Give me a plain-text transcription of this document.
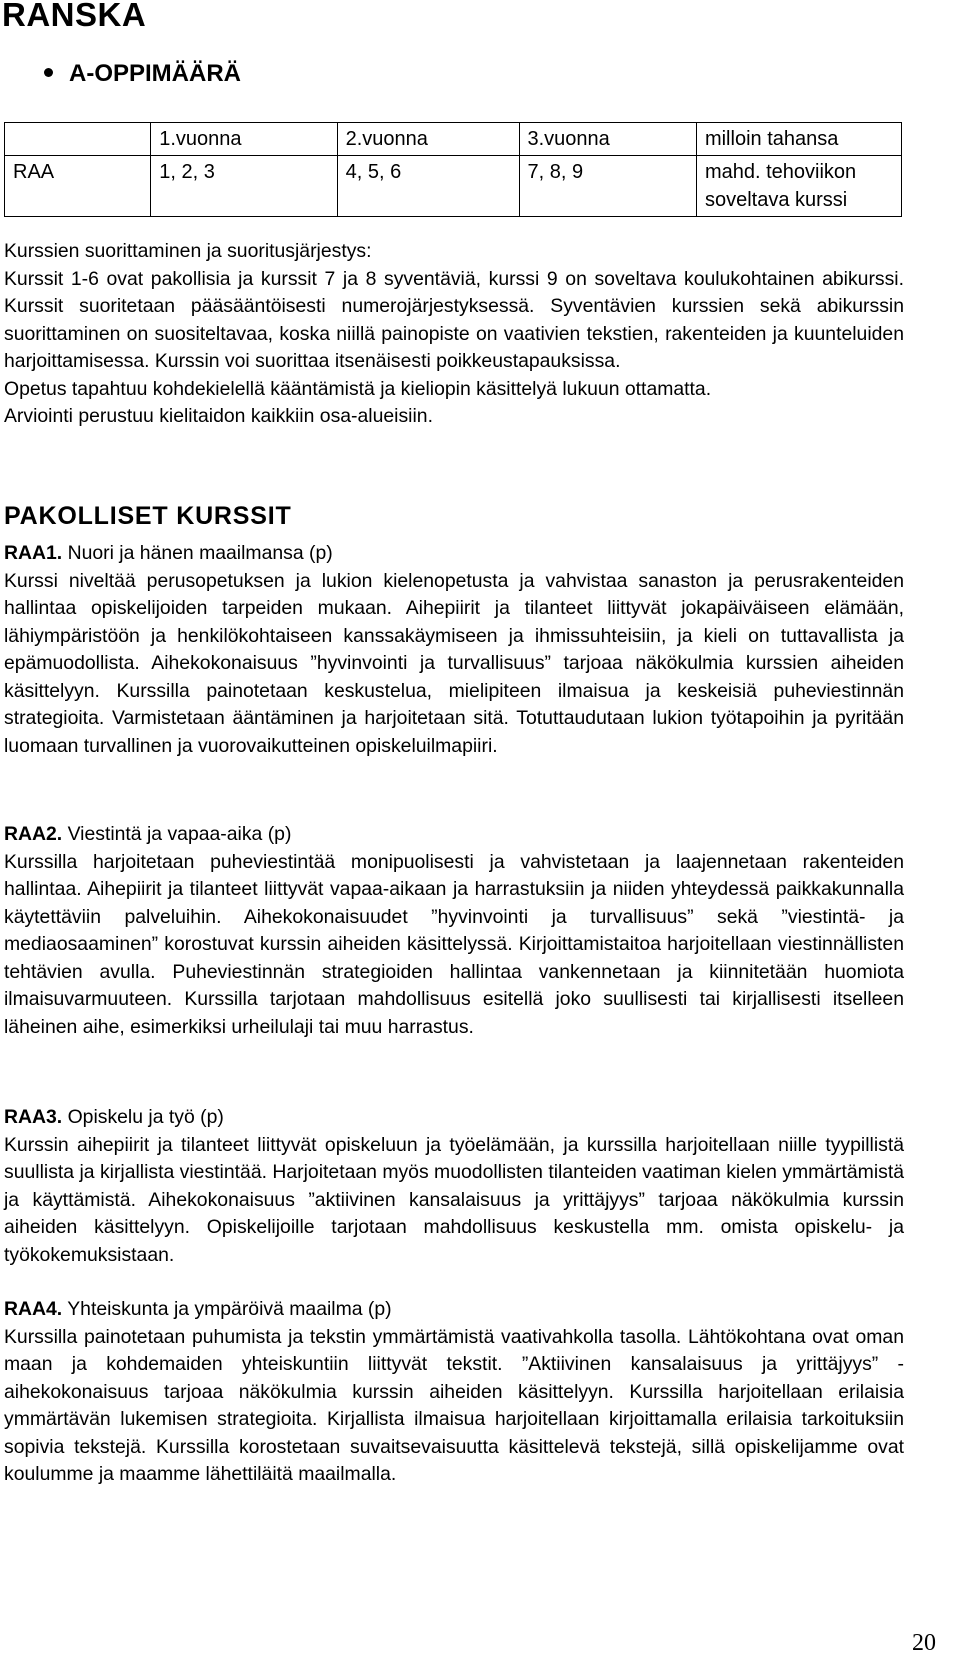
RANSKA
A-OPPIMÄÄRÄ
	1.vuonna	2.vuonna	3.vuonna	milloin tahansa
RAA	1, 2, 3	4, 5, 6	7, 8, 9	mahd. tehoviikon soveltava kurssi

Kurssien suorittaminen ja suoritusjärjestys:

Kurssit 1-6 ovat pakollisia ja kurssit 7 ja 8 syventäviä, kurssi 9 on soveltava koulukohtainen abikurssi. Kurssit suoritetaan pääsääntöisesti numerojärjestyksessä. Syventävien kurssien sekä abikurssin suorittaminen on suositeltavaa, koska niillä painopiste on vaativien tekstien, rakenteiden ja kuunteluiden harjoittamisessa. Kurssin voi suorittaa itsenäisesti poikkeustapauksissa.

Opetus tapahtuu kohdekielellä kääntämistä ja kieliopin käsittelyä lukuun ottamatta.

Arviointi perustuu kielitaidon kaikkiin osa-alueisiin.

PAKOLLISET KURSSIT

RAA1. Nuori ja hänen maailmansa (p)

Kurssi niveltää perusopetuksen ja lukion kielenopetusta ja vahvistaa sanaston ja perusrakenteiden hallintaa opiskelijoiden tarpeiden mukaan. Aihepiirit ja tilanteet liittyvät jokapäiväiseen elämään, lähiympäristöön ja henkilökohtaiseen kanssakäymiseen ja ihmissuhteisiin, ja kieli on tuttavallista ja epämuodollista. Aihekokonaisuus ”hyvinvointi ja turvallisuus” tarjoaa näkökulmia kurssien aiheiden käsittelyyn. Kurssilla painotetaan keskustelua, mielipiteen ilmaisua ja keskeisiä puheviestinnän strategioita. Varmistetaan ääntäminen ja harjoitetaan sitä. Totuttaudutaan lukion työtapoihin ja pyritään luomaan turvallinen ja vuorovaikutteinen opiskeluilmapiiri.

RAA2. Viestintä ja vapaa-aika (p)

Kurssilla harjoitetaan puheviestintää monipuolisesti ja vahvistetaan ja laajennetaan rakenteiden hallintaa. Aihepiirit ja tilanteet liittyvät vapaa-aikaan ja harrastuksiin ja niiden yhteydessä paikkakunnalla käytettäviin palveluihin. Aihekokonaisuudet ”hyvinvointi ja turvallisuus” sekä ”viestintä- ja mediaosaaminen” korostuvat kurssin aiheiden käsittelyssä. Kirjoittamistaitoa harjoitellaan viestinnällisten tehtävien avulla. Puheviestinnän strategioiden hallintaa vankennetaan ja kiinnitetään huomiota ilmaisuvarmuuteen. Kurssilla tarjotaan mahdollisuus esitellä joko suullisesti tai kirjallisesti itselleen läheinen aihe, esimerkiksi urheilulaji tai muu harrastus.

RAA3. Opiskelu ja työ (p)

Kurssin aihepiirit ja tilanteet liittyvät opiskeluun ja työelämään, ja kurssilla harjoitellaan niille tyypillistä suullista ja kirjallista viestintää. Harjoitetaan myös muodollisten tilanteiden vaatiman kielen ymmärtämistä ja käyttämistä. Aihekokonaisuus ”aktiivinen kansalaisuus ja yrittäjyys” tarjoaa näkökulmia kurssin aiheiden käsittelyyn. Opiskelijoille tarjotaan mahdollisuus keskustella mm. omista opiskelu- ja työkokemuksistaan.

RAA4. Yhteiskunta ja ympäröivä maailma (p)

Kurssilla painotetaan puhumista ja tekstin ymmärtämistä vaativahkolla tasolla. Lähtökohtana ovat oman maan ja kohdemaiden yhteiskuntiin liittyvät tekstit. ”Aktiivinen kansalaisuus ja yrittäjyys” -aihekokonaisuus tarjoaa näkökulmia kurssin aiheiden käsittelyyn. Kurssilla harjoitellaan erilaisia ymmärtävän lukemisen strategioita. Kirjallista ilmaisua harjoitellaan kirjoittamalla erilaisia tarkoituksiin sopivia tekstejä. Kurssilla korostetaan suvaitsevaisuutta käsittelevä tekstejä, sillä opiskelijamme ovat koulumme ja maamme lähettiläitä maailmalla.

20
